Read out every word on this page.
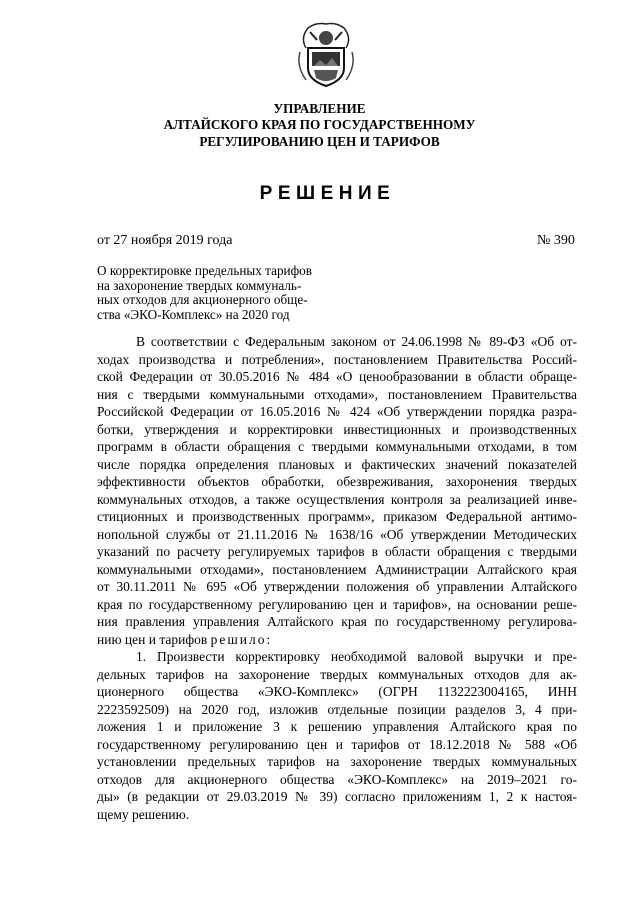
УПРАВЛЕНИЕ
АЛТАЙСКОГО КРАЯ ПО ГОСУДАРСТВЕННОМУ
РЕГУЛИРОВАНИЮ ЦЕН И ТАРИФОВ
РЕШЕНИЕ
от 27 ноября 2019 года	№ 390
О корректировке предельных тарифов
на захоронение твердых коммуналь-
ных отходов для акционерного обще-
ства «ЭКО-Комплекс» на 2020 год
В соответствии с Федеральным законом от 24.06.1998 № 89-ФЗ «Об от-
ходах производства и потребления», постановлением Правительства Россий-
ской Федерации от 30.05.2016 № 484 «О ценообразовании в области обраще-
ния с твердыми коммунальными отходами», постановлением Правительства
Российской Федерации от 16.05.2016 № 424 «Об утверждении порядка разра-
ботки, утверждения и корректировки инвестиционных и производственных
программ в области обращения с твердыми коммунальными отходами, в том
числе порядка определения плановых и фактических значений показателей
эффективности объектов обработки, обезвреживания, захоронения твердых
коммунальных отходов, а также осуществления контроля за реализацией инве-
стиционных и производственных программ», приказом Федеральной антимо-
нопольной службы от 21.11.2016 № 1638/16 «Об утверждении Методических
указаний по расчету регулируемых тарифов в области обращения с твердыми
коммунальными отходами», постановлением Администрации Алтайского края
от 30.11.2011 № 695 «Об утверждении положения об управлении Алтайского
края по государственному регулированию цен и тарифов», на основании реше-
ния правления управления Алтайского края по государственному регулирова-
нию цен и тарифов решило:
1. Произвести корректировку необходимой валовой выручки и пре-
дельных тарифов на захоронение твердых коммунальных отходов для ак-
ционерного общества «ЭКО-Комплекс» (ОГРН 1132223004165, ИНН
2223592509) на 2020 год, изложив отдельные позиции разделов 3, 4 при-
ложения 1 и приложение 3 к решению управления Алтайского края по
государственному регулированию цен и тарифов от 18.12.2018 № 588 «Об
установлении предельных тарифов на захоронение твердых коммунальных
отходов для акционерного общества «ЭКО-Комплекс» на 2019–2021 го-
ды» (в редакции от 29.03.2019 № 39) согласно приложениям 1, 2 к настоя-
щему решению.
